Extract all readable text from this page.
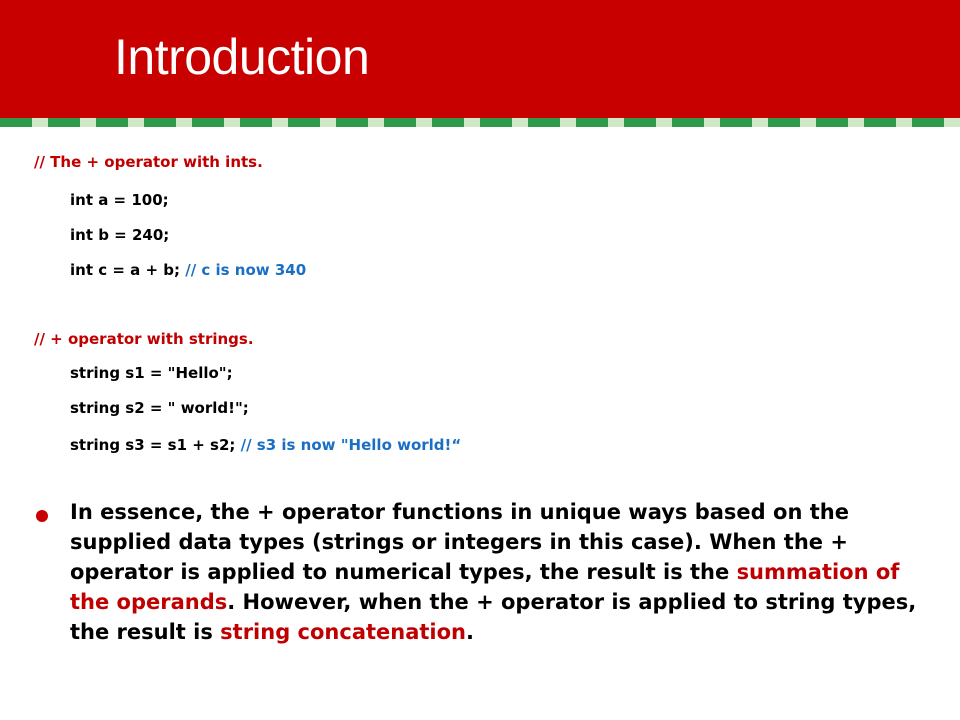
Introduction
// The + operator with ints.
int a = 100;
int b = 240;
int c = a + b; // c is now 340
// + operator with strings.
string s1 = "Hello";
string s2 = " world!";
string s3 = s1 + s2; // s3 is now "Hello world!“
In essence, the + operator functions in unique ways based on the supplied data types (strings or integers in this case). When the + operator is applied to numerical types, the result is the summation of the operands. However, when the + operator is applied to string types, the result is string concatenation.
